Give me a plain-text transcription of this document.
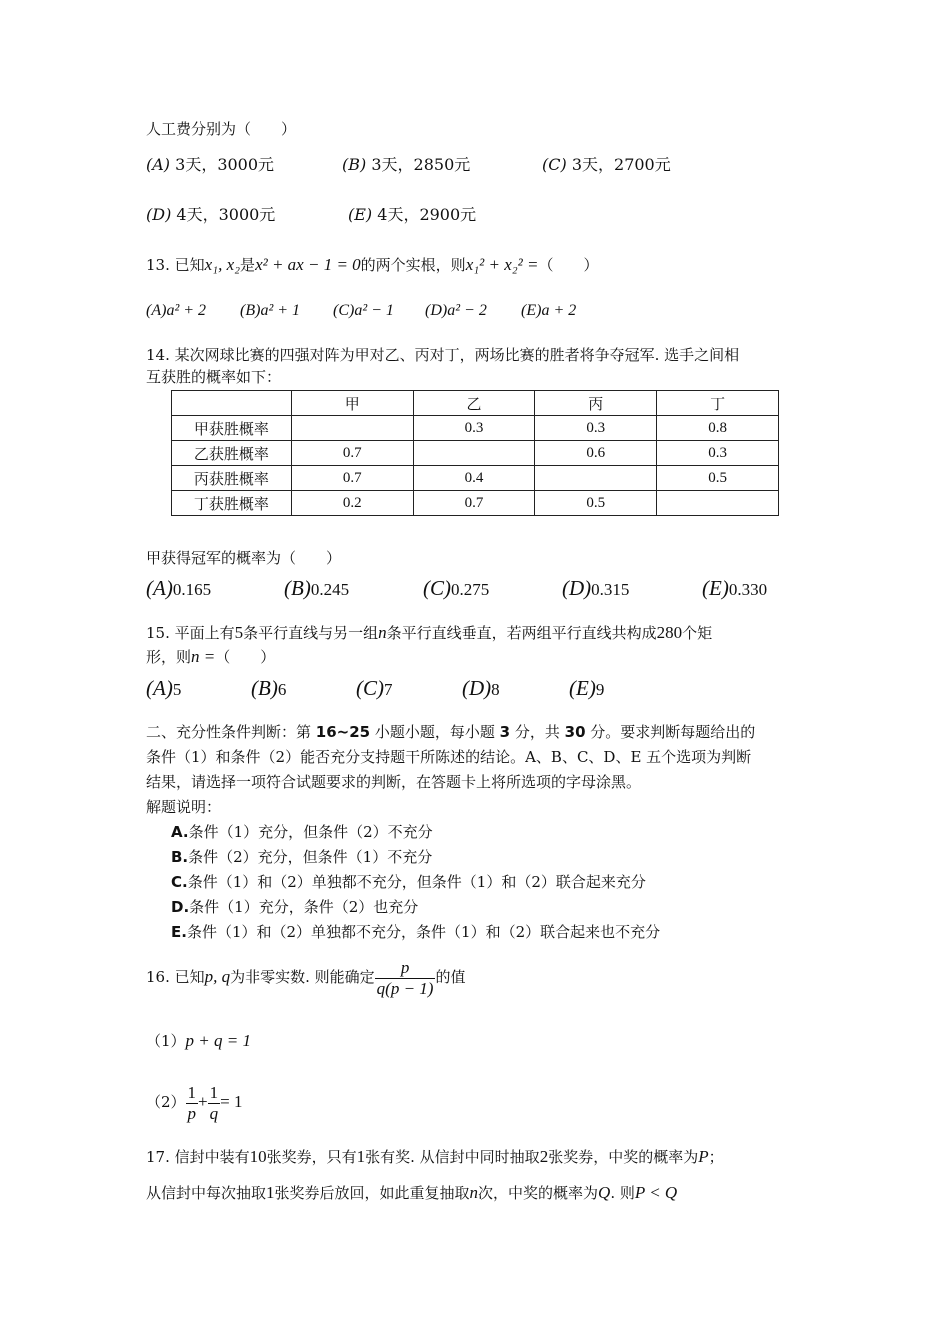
人工费分别为（　　）
(A) 3天，3000元	(B) 3天，2850元	(C) 3天，2700元
(D) 4天，3000元	(E) 4天，2900元
13. 已知x₁, x₂是x² + ax − 1 = 0的两个实根，则x₁² + x₂² =（　　）
(A)a² + 2 (B)a² + 1 (C)a² − 1 (D)a² − 2 (E)a + 2
14. 某次网球比赛的四强对阵为甲对乙、丙对丁，两场比赛的胜者将争夺冠军. 选手之间相
互获胜的概率如下：
	甲	乙	丙	丁
甲获胜概率		0.3	0.3	0.8
乙获胜概率	0.7		0.6	0.3
丙获胜概率	0.7	0.4		0.5
丁获胜概率	0.2	0.7	0.5	
甲获得冠军的概率为（　　）
(A)0.165	(B)0.245	(C)0.275	(D)0.315	(E)0.330
15. 平面上有5条平行直线与另一组n条平行直线垂直，若两组平行直线共构成280个矩
形，则n =（　　）
(A)5	(B)6	(C)7	(D)8	(E)9
二、充分性条件判断：第 16~25 小题小题，每小题 3 分，共 30 分。要求判断每题给出的
条件（1）和条件（2）能否充分支持题干所陈述的结论。A、B、C、D、E 五个选项为判断
结果，请选择一项符合试题要求的判断，在答题卡上将所选项的字母涂黑。
解题说明：
A.条件（1）充分，但条件（2）不充分
B.条件（2）充分，但条件（1）不充分
C.条件（1）和（2）单独都不充分，但条件（1）和（2）联合起来充分
D.条件（1）充分，条件（2）也充分
E.条件（1）和（2）单独都不充分，条件（1）和（2）联合起来也不充分
16. 已知p, q为非零实数. 则能确定 $\frac{p}{q(p - 1)}$ 的值
（1）p + q = 1
$(2) \frac{1}{p} + \frac{1}{q} = 1$
17. 信封中装有10张奖券，只有1张有奖. 从信封中同时抽取2张奖券，中奖的概率为P；
从信封中每次抽取1张奖券后放回，如此重复抽取n次，中奖的概率为Q. 则P < Q
